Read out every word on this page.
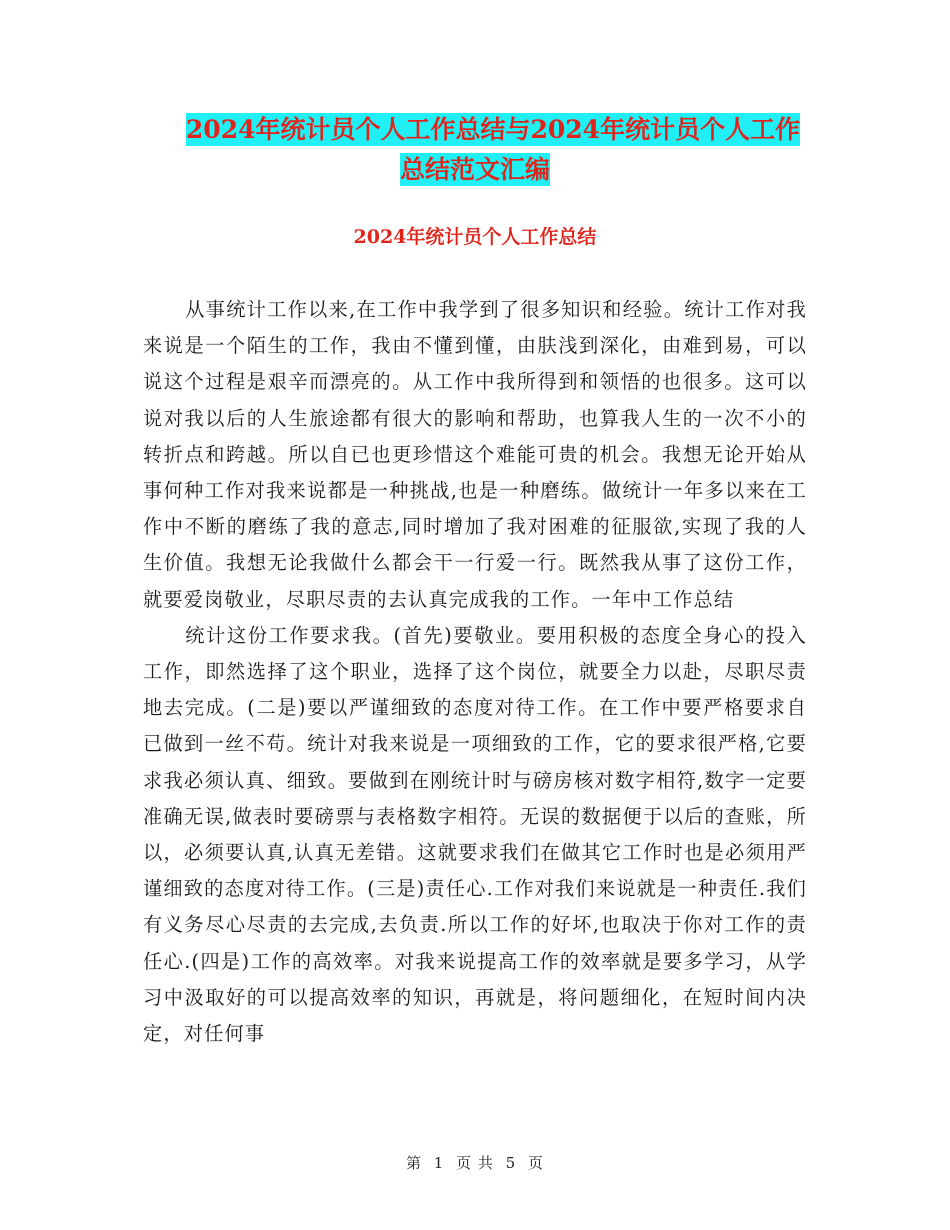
2024年统计员个人工作总结与2024年统计员个人工作
总结范文汇编
2024年统计员个人工作总结

从事统计工作以来,在工作中我学到了很多知识和经验。统计工作对我来说是一个陌生的工作，我由不懂到懂，由肤浅到深化，由难到易，可以说这个过程是艰辛而漂亮的。从工作中我所得到和领悟的也很多。这可以说对我以后的人生旅途都有很大的影响和帮助，也算我人生的一次不小的转折点和跨越。所以自已也更珍惜这个难能可贵的机会。我想无论开始从事何种工作对我来说都是一种挑战,也是一种磨练。做统计一年多以来在工作中不断的磨练了我的意志,同时增加了我对困难的征服欲,实现了我的人生价值。我想无论我做什么都会干一行爱一行。既然我从事了这份工作，就要爱岗敬业，尽职尽责的去认真完成我的工作。一年中工作总结

统计这份工作要求我。(首先)要敬业。要用积极的态度全身心的投入工作，即然选择了这个职业，选择了这个岗位，就要全力以赴，尽职尽责地去完成。(二是)要以严谨细致的态度对待工作。在工作中要严格要求自已做到一丝不苟。统计对我来说是一项细致的工作，它的要求很严格,它要求我必须认真、细致。要做到在刚统计时与磅房核对数字相符,数字一定要准确无误,做表时要磅票与表格数字相符。无误的数据便于以后的查账，所以，必须要认真,认真无差错。这就要求我们在做其它工作时也是必须用严谨细致的态度对待工作。(三是)责任心.工作对我们来说就是一种责任.我们有义务尽心尽责的去完成,去负责.所以工作的好坏,也取决于你对工作的责任心.(四是)工作的高效率。对我来说提高工作的效率就是要多学习，从学习中汲取好的可以提高效率的知识，再就是，将问题细化，在短时间内决定，对任何事

第 1 页 共 5 页
